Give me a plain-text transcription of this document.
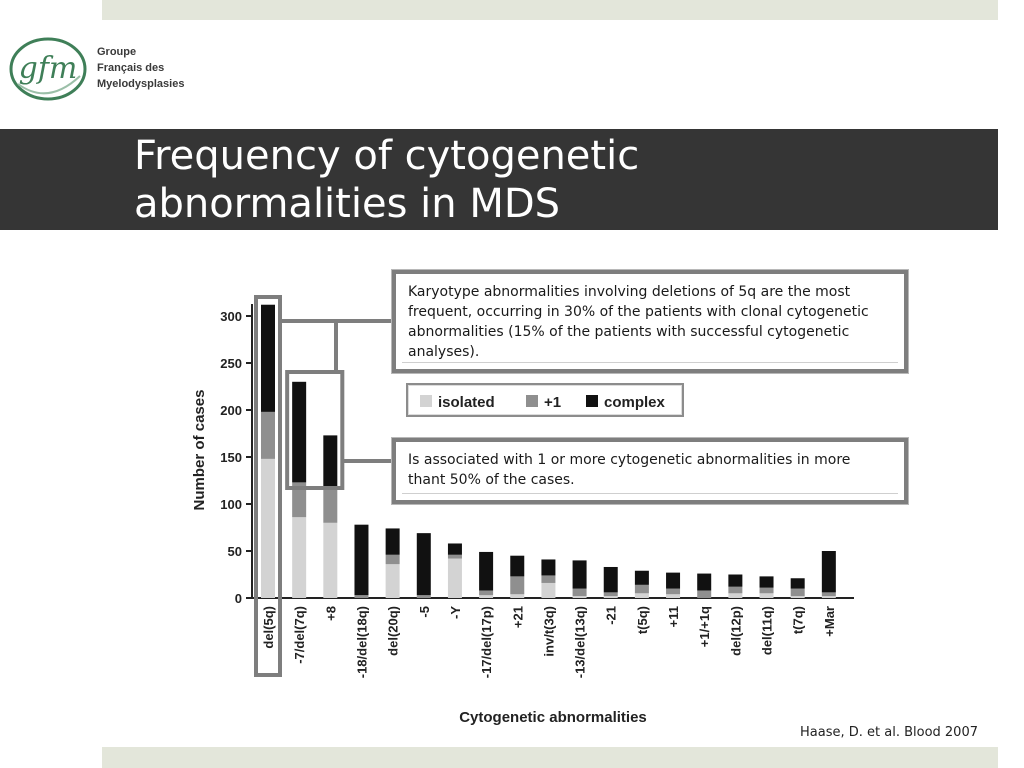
gfm Groupe
Français des
Myelodysplasies
Frequency of cytogenetic
abnormalities in MDS
0
50
100
150
200
250
300
Number of cases
Cytogenetic abnormalities
del(5q) -7/del(7q) +8 -18/del(18q) del(20q) -5 -Y -17/del(17p) +21 inv/t(3q) -13/del(13q) -21 t(5q) +11 +1/+1q del(12p) del(11q) t(7q) +Mar
isolated	+1	complex
Karyotype abnormalities involving deletions of 5q are the most frequent, occurring in 30% of the patients with clonal cytogenetic abnormalities (15% of the patients with successful cytogenetic analyses).
Is associated with 1 or more cytogenetic abnormalities in more thant 50% of the cases.
Haase, D. et al. Blood 2007
